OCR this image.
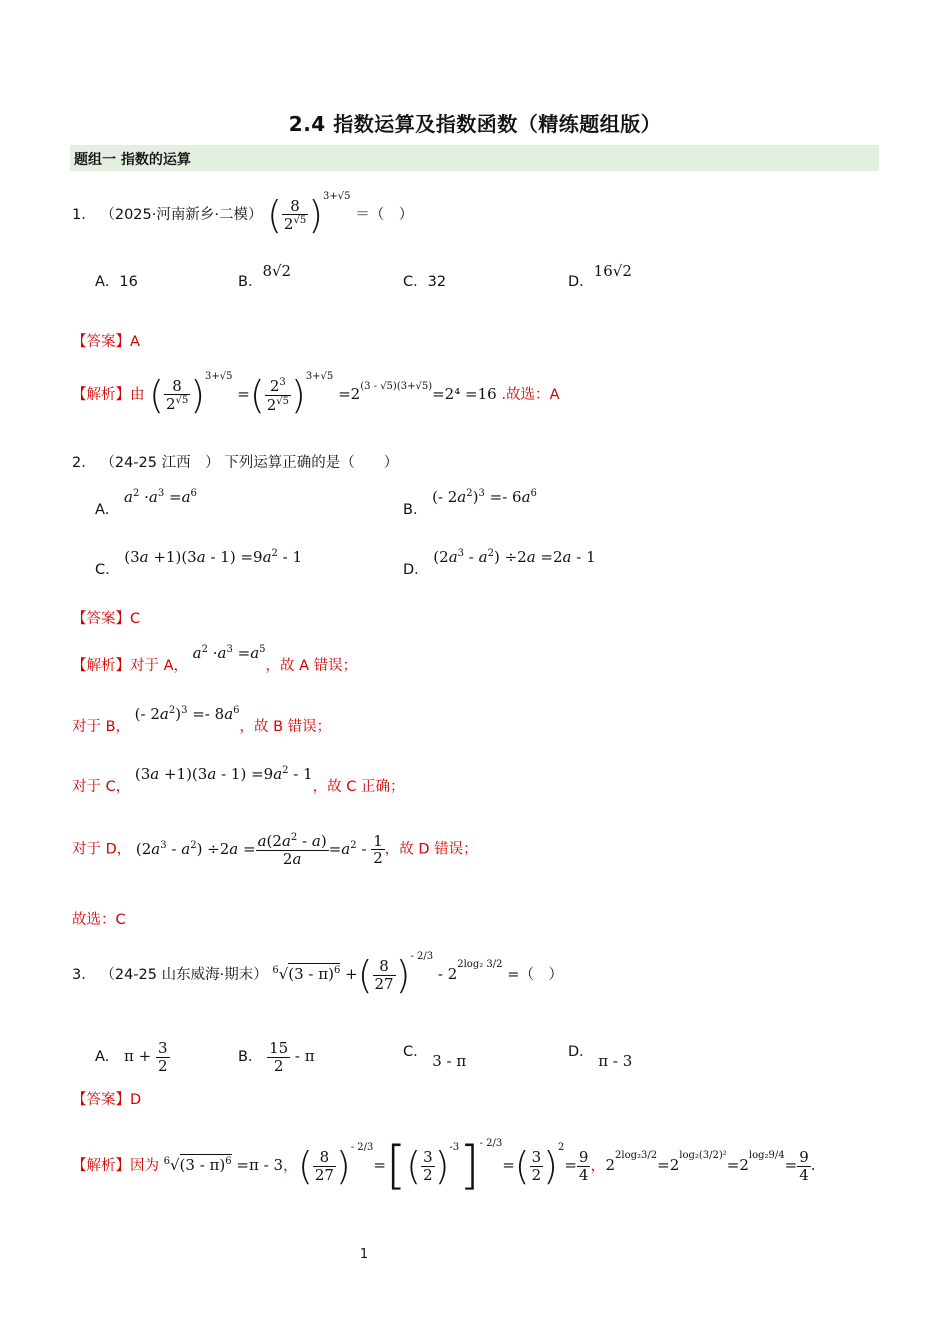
2.4 指数运算及指数函数（精练题组版）
题组一 指数的运算
1． （2025·河南新乡·二模） ( $\frac{8}{2^{√5}} )^{3+√5}$ ＝（　）
A．16	B．8√2
C．32	D．16√2
【答案】A
【解析】由 ( $\frac{8}{2^{√5}} )^{3+√5}$ =( $\frac{2^3}{2^{√5}} )^{3+√5} =2^{(3 - √5)(3+√5)}=2^4 =16$ .故选：A
2． （24-25 江西　） 下列运算正确的是（　　）
A． $a^2 \cdot a^3 =a^6$
B． (- $2a^2)^3 =- 6a^6$
C． $(3a +1)(3a - 1) =9a^2 - 1$
D． $(2a^3 - a^2) \div 2a =2a - 1$
【答案】C
【解析】对于 A， $a^2 \cdot a^3 =a^5$，故 A 错误；
对于 B， (- $2a^2)^3 =- 8a^6$，故 B 错误；
对于 C， $(3a +1)(3a - 1) =9a^2 - 1$，故 C 正确；
对于 D， $(2a^3 - a^2) \div 2a = \frac{a(2a^2 - a)}{2a} =a^2 - \frac{1}{2}$ ，故 D 错误；
故选：C
3． （24-25 山东威海·期末） $^6$√(3 - π)$^6$ +( $\frac{8}{27} )^{- 2/3} - 2^{2log_2 3/2}$ =（　）
A． $\pi + \frac{3}{2}$	B． $\frac{15}{2}$ - π	C． 3 - π	D． π - 3
【答案】D
【解析】因为 $^6$√(3 - π)$^6$ =π - 3，( $\frac{8}{27} )^{- 2/3}=[( \frac{3}{2} )^{-3}]^{- 2/3}=( \frac{3}{2} )^2= \frac{9}{4}$ ，$2^{2log_23/2}=2^{log_2(3/2)^2}=2^{log_29/4}= \frac{9}{4}$ .
1
